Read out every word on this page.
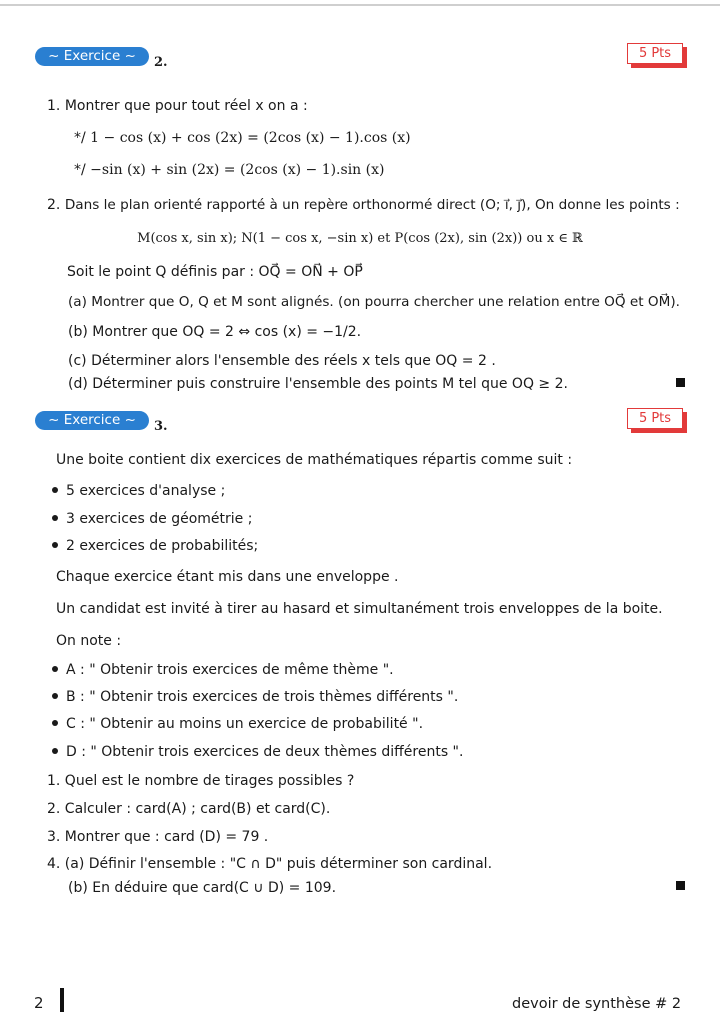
~ Exercice ~	2.
5 Pts
1. Montrer que pour tout réel x on a :
*/ 1 − cos (x) + cos (2x) = (2cos (x) − 1).cos (x)
*/ −sin (x) + sin (2x) = (2cos (x) − 1).sin (x)
2. Dans le plan orienté rapporté à un repère orthonormé direct (O; i⃗, j⃗), On donne les points :
M(cos x, sin x); N(1 − cos x, −sin x) et P(cos (2x), sin (2x)) ou x ∈ ℝ
Soit le point Q définis par : OQ⃗ = ON⃗ + OP⃗
(a) Montrer que O, Q et M sont alignés. (on pourra chercher une relation entre OQ⃗ et OM⃗).
(b) Montrer que OQ = 2 ⇔ cos (x) = −1/2.
(c) Déterminer alors l'ensemble des réels x tels que OQ = 2 .
(d) Déterminer puis construire l'ensemble des points M tel que OQ ≥ 2.
~ Exercice ~	3.
5 Pts
Une boite contient dix exercices de mathématiques répartis comme suit :
5 exercices d'analyse ;
3 exercices de géométrie ;
2 exercices de probabilités;
Chaque exercice étant mis dans une enveloppe .
Un candidat est invité à tirer au hasard et simultanément trois enveloppes de la boite.
On note :
A : " Obtenir trois exercices de même thème ".
B : " Obtenir trois exercices de trois thèmes différents ".
C : " Obtenir au moins un exercice de probabilité ".
D : " Obtenir trois exercices de deux thèmes différents ".
1. Quel est le nombre de tirages possibles ?
2. Calculer : card(A) ; card(B) et card(C).
3. Montrer que : card (D) = 79 .
4. (a) Définir l'ensemble : "C ∩ D" puis déterminer son cardinal.
(b) En déduire que card(C ∪ D) = 109.
2	devoir de synthèse # 2
